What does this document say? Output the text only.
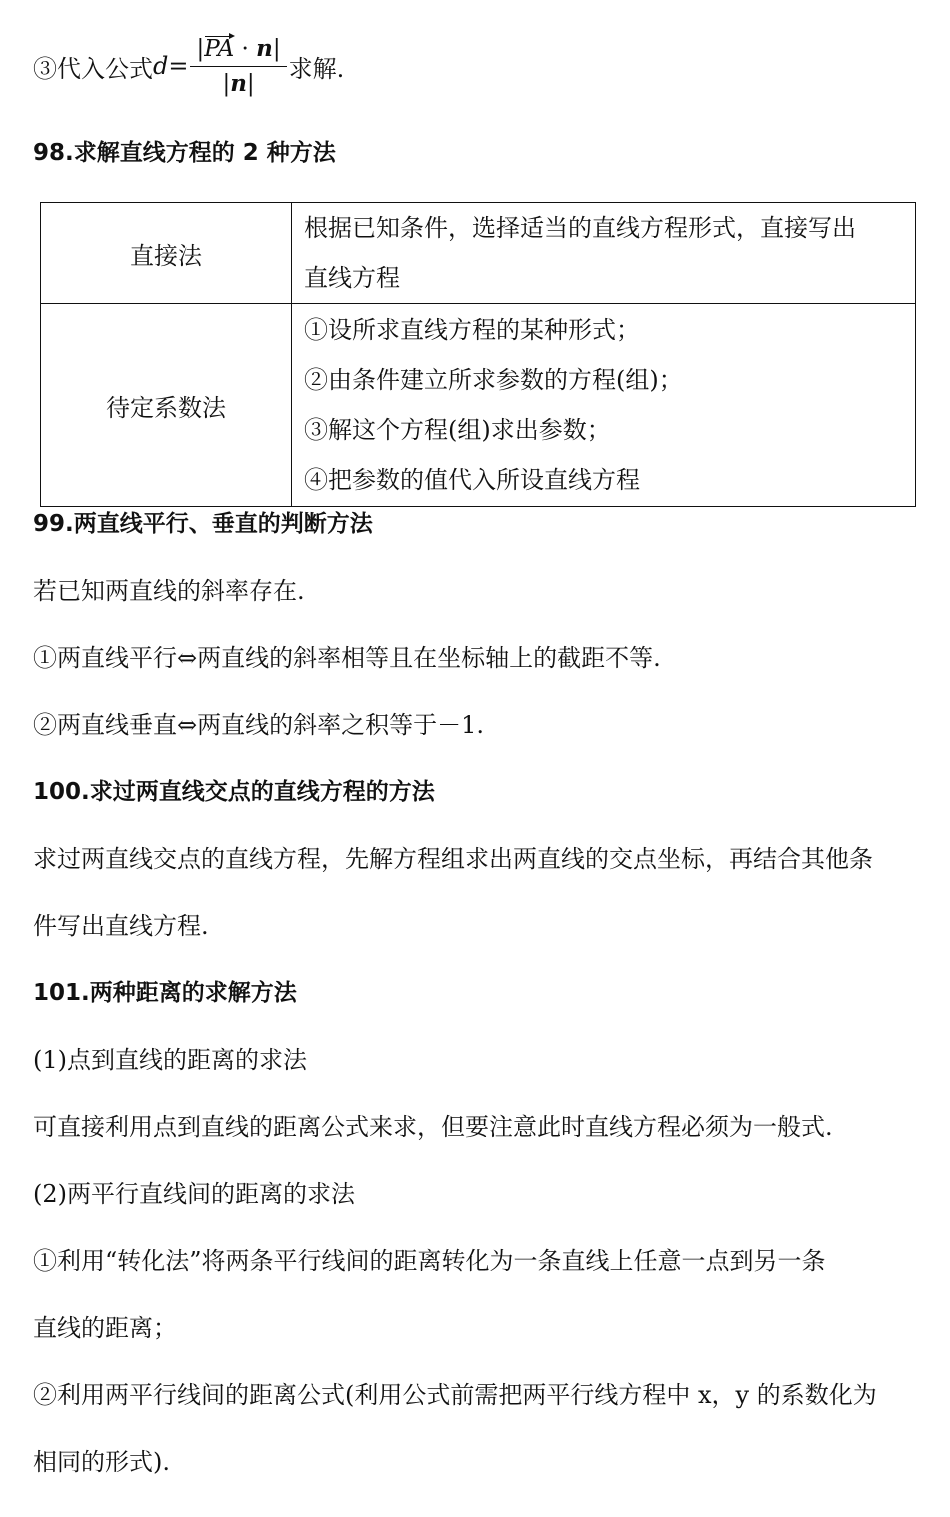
③代入公式 $d = \frac{|PA \cdot n|}{|n|}$ 求解.
98.求解直线方程的 2 种方法
直接法	根据已知条件，选择适当的直线方程形式，直接写出
直线方程

待定系数法	①设所求直线方程的某种形式；
②由条件建立所求参数的方程(组)；
③解这个方程(组)求出参数；
④把参数的值代入所设直线方程
99.两直线平行、垂直的判断方法
若已知两直线的斜率存在.
①两直线平行⇔两直线的斜率相等且在坐标轴上的截距不等.
②两直线垂直⇔两直线的斜率之积等于－1.
100.求过两直线交点的直线方程的方法
求过两直线交点的直线方程，先解方程组求出两直线的交点坐标，再结合其他条
件写出直线方程.
101.两种距离的求解方法
(1)点到直线的距离的求法
可直接利用点到直线的距离公式来求，但要注意此时直线方程必须为一般式.
(2)两平行直线间的距离的求法
①利用“转化法”将两条平行线间的距离转化为一条直线上任意一点到另一条
直线的距离；
②利用两平行线间的距离公式(利用公式前需把两平行线方程中 x，y 的系数化为
相同的形式).
